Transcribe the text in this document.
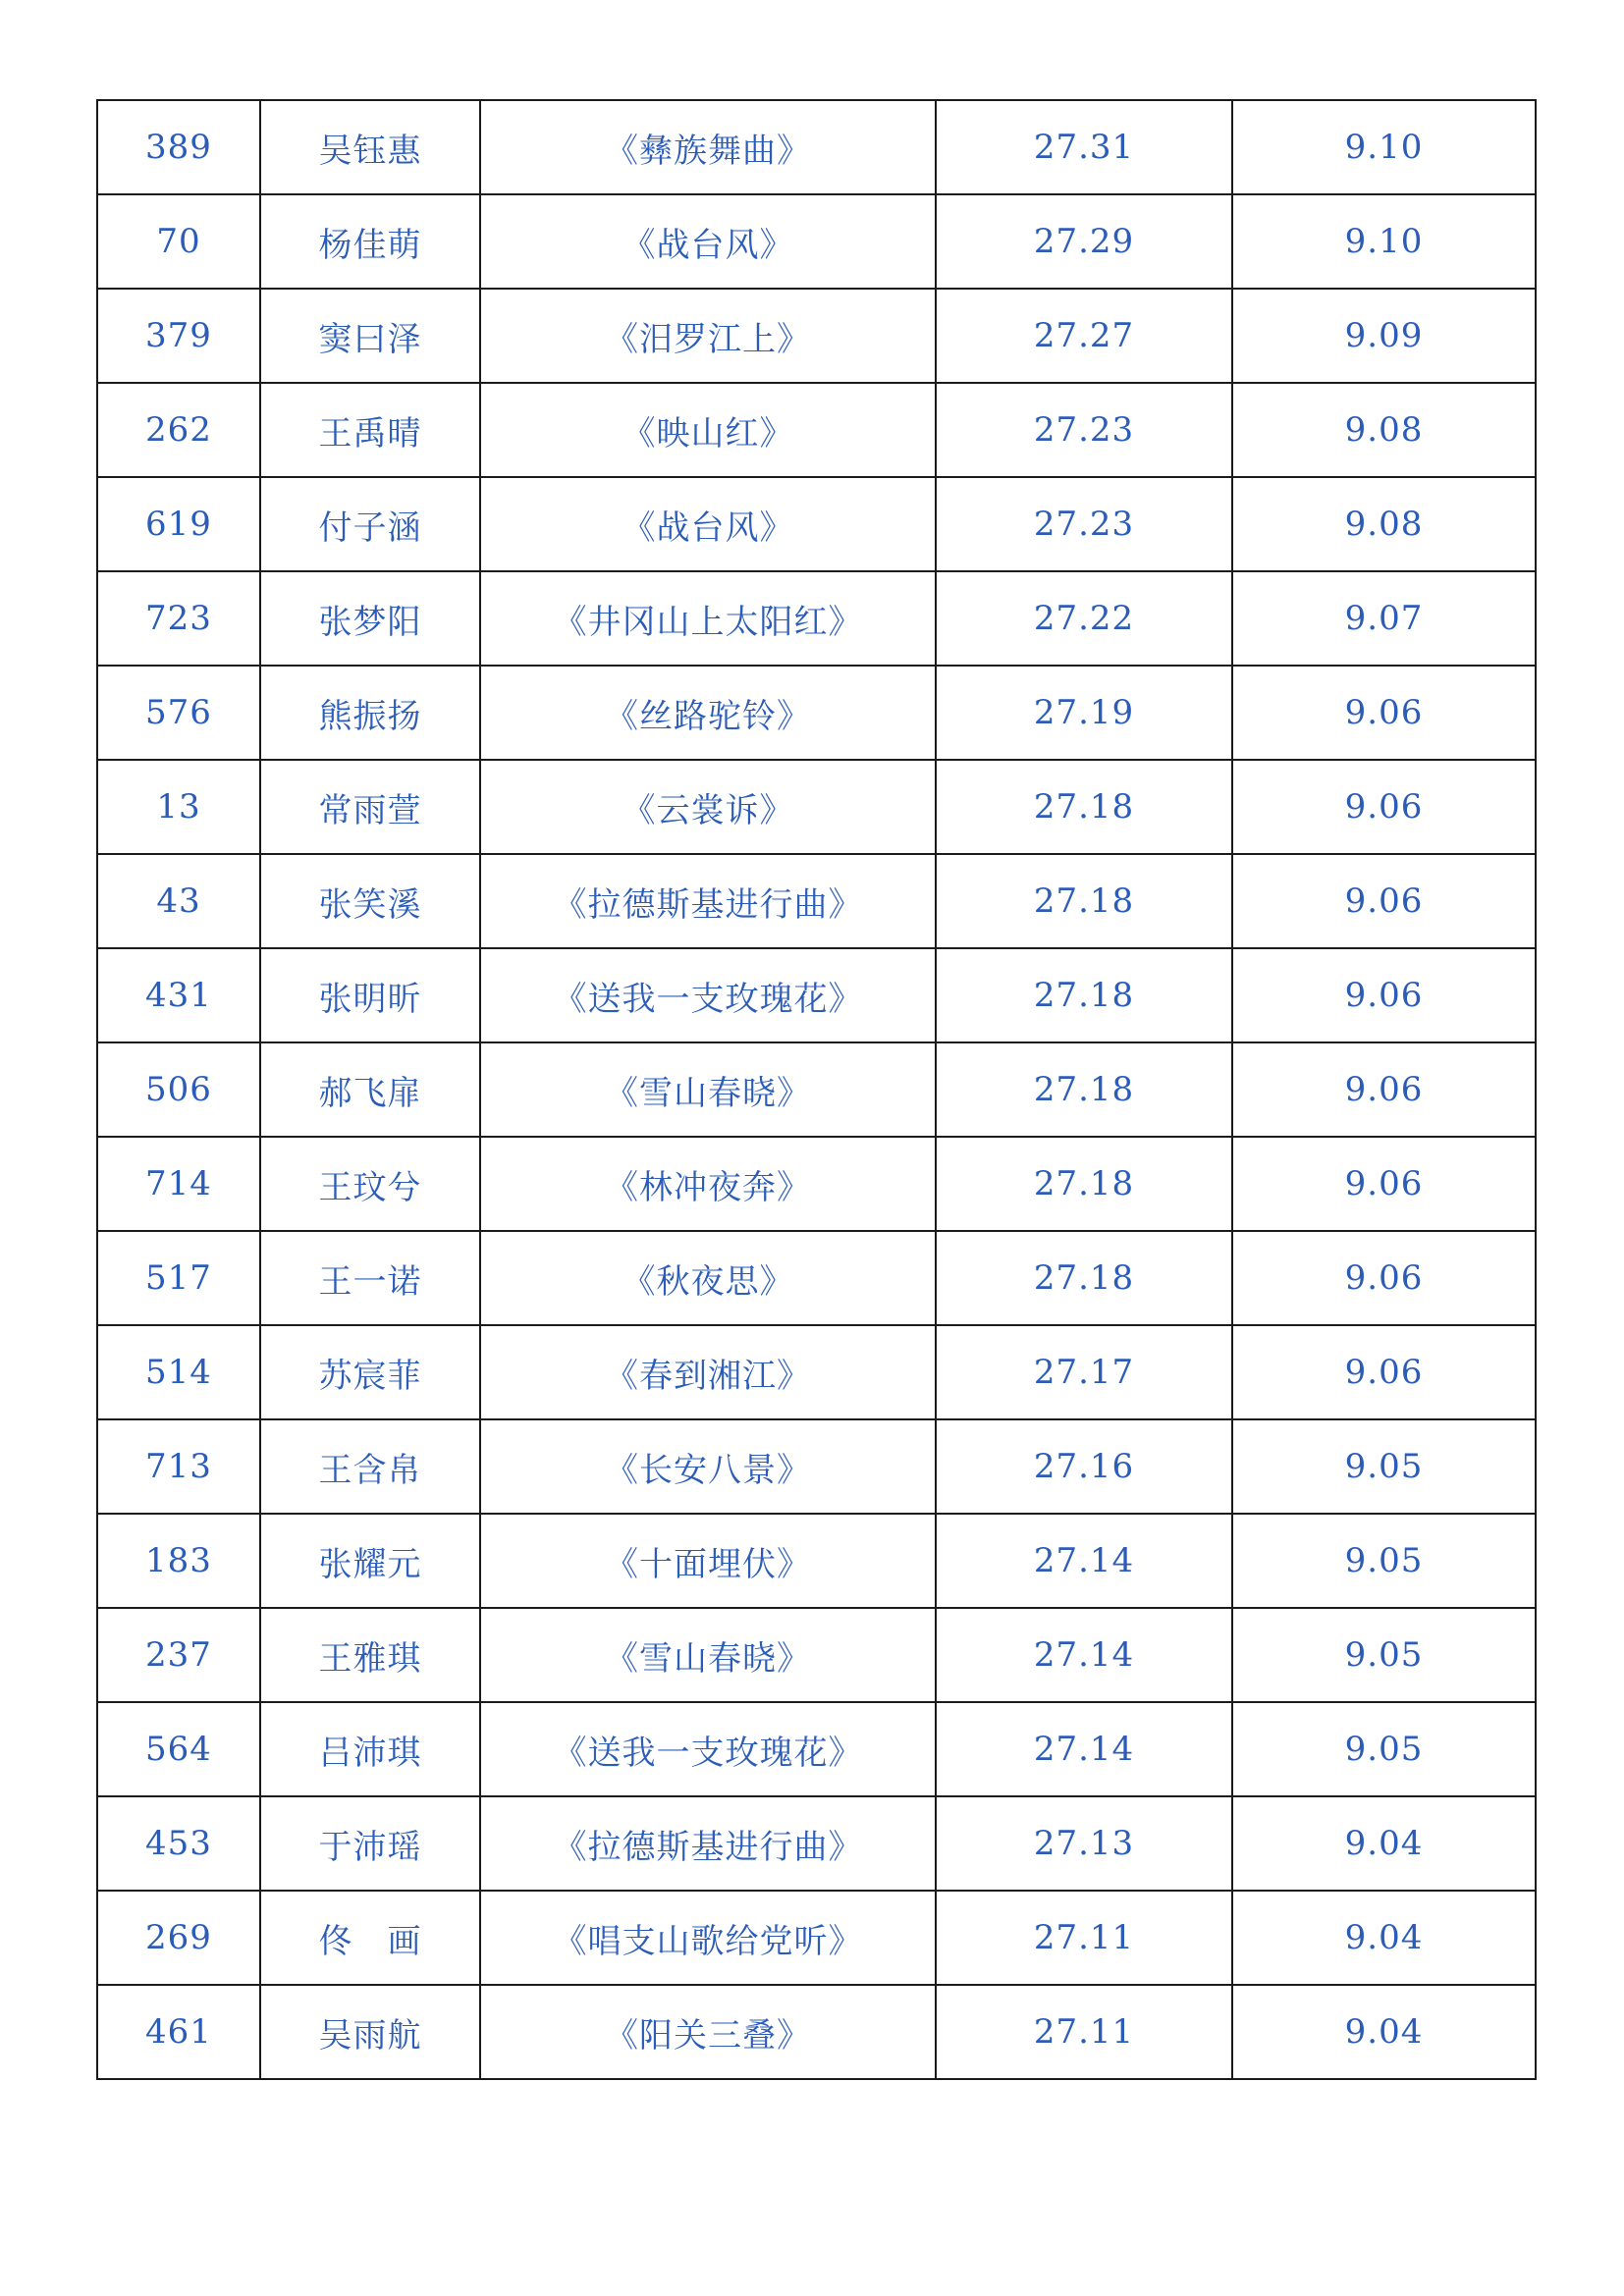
389	吴钰惠	《彝族舞曲》	27.31	9.10
70	杨佳萌	《战台风》	27.29	9.10
379	窦曰泽	《汨罗江上》	27.27	9.09
262	王禹晴	《映山红》	27.23	9.08
619	付子涵	《战台风》	27.23	9.08
723	张梦阳	《井冈山上太阳红》	27.22	9.07
576	熊振扬	《丝路驼铃》	27.19	9.06
13	常雨萱	《云裳诉》	27.18	9.06
43	张笑溪	《拉德斯基进行曲》	27.18	9.06
431	张明昕	《送我一支玫瑰花》	27.18	9.06
506	郝飞扉	《雪山春晓》	27.18	9.06
714	王玟兮	《林冲夜奔》	27.18	9.06
517	王一诺	《秋夜思》	27.18	9.06
514	苏宸菲	《春到湘江》	27.17	9.06
713	王含帛	《长安八景》	27.16	9.05
183	张耀元	《十面埋伏》	27.14	9.05
237	王雅琪	《雪山春晓》	27.14	9.05
564	吕沛琪	《送我一支玫瑰花》	27.14	9.05
453	于沛瑶	《拉德斯基进行曲》	27.13	9.04
269	佟　画	《唱支山歌给党听》	27.11	9.04
461	吴雨航	《阳关三叠》	27.11	9.04
